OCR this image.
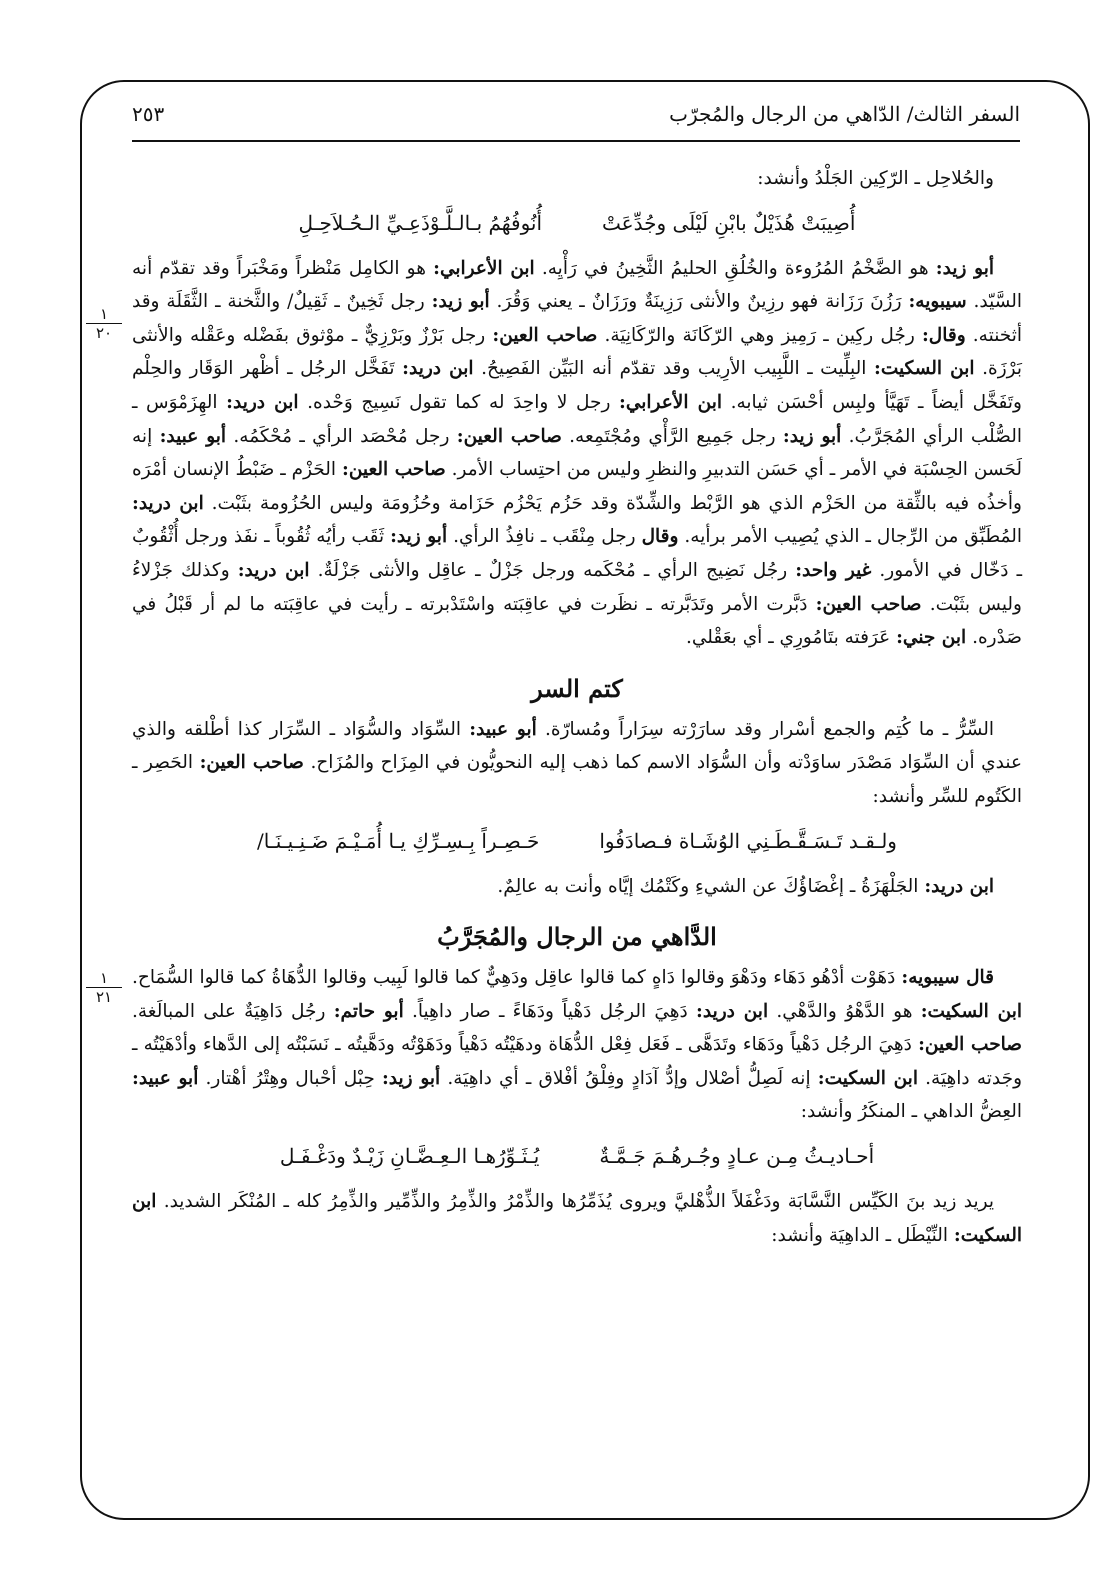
السفر الثالث/ الدّاهي من الرجال والمُجرّب
٢٥٣
١
٢٠
١
٢١

والحُلاحِل ـ الرّكِين الجَلْدُ وأنشد:

أُصِيبَتْ هُذَيْلٌ بابْنِ لَيْلَى وجُدِّعَتْ
أُنُوفُهُمُ بـالـلَّـوْذَعِـيِّ الـحُـلاَحِـلِ

أبو زيد: هو الضَّخْمُ المُرُوءة والخُلُقِ الحليمُ الثَّخِينُ في رَأْيِه. ابن الأعرابي: هو الكامِل مَنْظراً ومَخْبَراً وقد تقدّم أنه السَّيّد. سيبويه: رَزُنَ رَزَانة فهو رزِينٌ والأنثى رَزِينَةٌ ورَزَانٌ ـ يعني وَقُرَ. أبو زيد: رجل ثَخِينٌ ـ ثَقِيلٌ/ والثَّخنة ـ الثَّقَلَة وقد أثخنته. وقال: رجُل ركِين ـ رَمِيز وهي الرّكَانَة والرّكَانِيَة. صاحب العين: رجل بَرْزٌ وبَرْزِيٌّ ـ موْثوق بفَضْله وعَقْله والأنثى بَرْزَة. ابن السكيت: البِلِّيت ـ اللَّبِيب الأرِيب وقد تقدّم أنه البَيِّن الفَصِيحُ. ابن دريد: تَفَخَّل الرجُل ـ أظْهر الوَقَار والحِلْم وتَفَخَّل أيضاً ـ تَهَيَّأ ولبِس أحْسَن ثيابه. ابن الأعرابي: رجل لا واحِدَ له كما تقول نَسِيج وَحْده. ابن دريد: الهِزَمْوَس ـ الصُّلْب الرأي المُجَرَّبُ. أبو زيد: رجل جَمِيع الرَّأْي ومُجْتَمِعه. صاحب العين: رجل مُحْصَد الرأي ـ مُحْكَمُه. أبو عبيد: إنه لَحَسن الحِسْبَة في الأمر ـ أي حَسَن التدبيرِ والنظرِ وليس من احتِساب الأمر. صاحب العين: الحَزْم ـ ضَبْطُ الإنسان أمْرَه وأخذُه فيه بالثِّقة من الحَزْم الذي هو الرَّبْط والشِّدّة وقد حَزُم يَحْزُم حَزَامة وحُزُومَة وليس الحُزُومة بثَبْت. ابن دريد: المُطَبِّق من الرِّجال ـ الذي يُصِيب الأمر برأيه. وقال رجل مِنْقَب ـ نافِذُ الرأي. أبو زيد: ثَقَب رأيُه ثُقُوباً ـ نفَذ ورجل أُثْقُوبٌ ـ دَخّال في الأمور. غير واحد: رجُل نَضِيج الرأي ـ مُحْكَمه ورجل جَزْلٌ ـ عاقِل والأنثى جَزْلَةٌ. ابن دريد: وكذلك جَزْلاءُ وليس بثَبْت. صاحب العين: دَبَّرت الأمر وتَدَبَّرته ـ نظَرت في عاقِبَته واسْتَدْبرته ـ رأيت في عاقِبَته ما لم أر قَبْلُ في صَدْره. ابن جني: عَرَفته بتَامُورِي ـ أي بعَقْلي.

كتم السر

السِّرُّ ـ ما كُتِم والجمع أسْرار وقد سارَرْته سِرَاراً ومُسارّة. أبو عبيد: السِّوَاد والسُّوَاد ـ السِّرَار كذا أطْلقه والذي عندي أن السِّوَاد مَصْدَر ساوَدْته وأن السُّوَاد الاسم كما ذهب إليه النحويُّون في المِزَاح والمُزَاح. صاحب العين: الحَصِر ـ الكَتُوم للسِّر وأنشد:

ولـقـد تَـسَـقَّـطَـنِي الوُشَـاة فـصادَفُوا
حَـصِـراً بِـسِـرِّكِ يـا أُمَـيْـمَ ضَـنِـيـنَـا/

ابن دريد: الجَلْهَزَةُ ـ إغْضَاؤُكَ عن الشيءِ وكَتْمُك إيَّاه وأنت به عالِمٌ.

الدَّاهي من الرجال والمُجَرَّبُ

قال سيبويه: دَهَوْت أدْهُو دَهَاء ودَهْوَ وقالوا دَاهٍ كما قالوا عاقِل ودَهِيٌّ كما قالوا لَبِيب وقالوا الدُّهَاةُ كما قالوا السُّمَاح. ابن السكيت: هو الدَّهْوُ والدَّهْي. ابن دريد: دَهِيَ الرجُل دَهْياً ودَهَاءً ـ صار داهِياً. أبو حاتم: رجُل دَاهِيَةٌ على المبالَغة. صاحب العين: دَهِيَ الرجُل دَهْياً ودَهَاء وتَدَهَّى ـ فَعَل فِعْل الدُّهَاة ودهَيْتُه دَهْياً ودَهَوْتُه ودَهَّيتُه ـ نَسَبْتُه إلى الدَّهاء وأدْهَيْتُه ـ وجَدته داهِيَة. ابن السكيت: إنه لَصِلُّ أصْلال وإدُّ آدَادٍ وفِلْقُ أفْلاق ـ أي داهِيَة. أبو زيد: حِبْل أحْبال وهِتْرُ أهْتار. أبو عبيد: العِضُّ الداهي ـ المنكَرُ وأنشد:

أحـاديـثُ مِـن عـادٍ وجُـرهُـمَ جَـمَّـةٌ
يُـثَـوِّرُهـا الـعِـضَّـانِ زَيْـدٌ ودَغْـفَـل

يريد زيد بنَ الكَيِّس النَّسَّابَة ودَغْفَلاً الذُّهْليَّ ويروى يُذَمِّرُها والذِّمْرُ والذِّمِرُ والذِّمِّير والذِّمِرُ كله ـ المُنْكَر الشديد. ابن السكيت: النِّيْطَل ـ الداهِيَة وأنشد:
